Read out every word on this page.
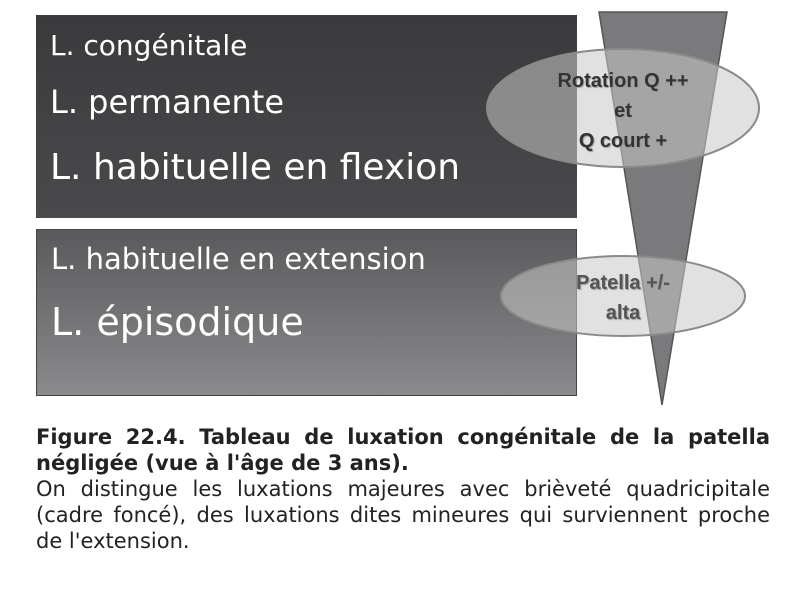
L. congénitale
L. permanente
L. habituelle en flexion
L. habituelle en extension
L. épisodique
Rotation Q ++
et
Q court +
Patella +/-
alta
Figure 22.4. Tableau de luxation congénitale de la patella négligée (vue à l'âge de 3 ans).
On distingue les luxations majeures avec brièveté quadricipitale (cadre foncé), des luxations dites mineures qui surviennent proche de l'extension.
